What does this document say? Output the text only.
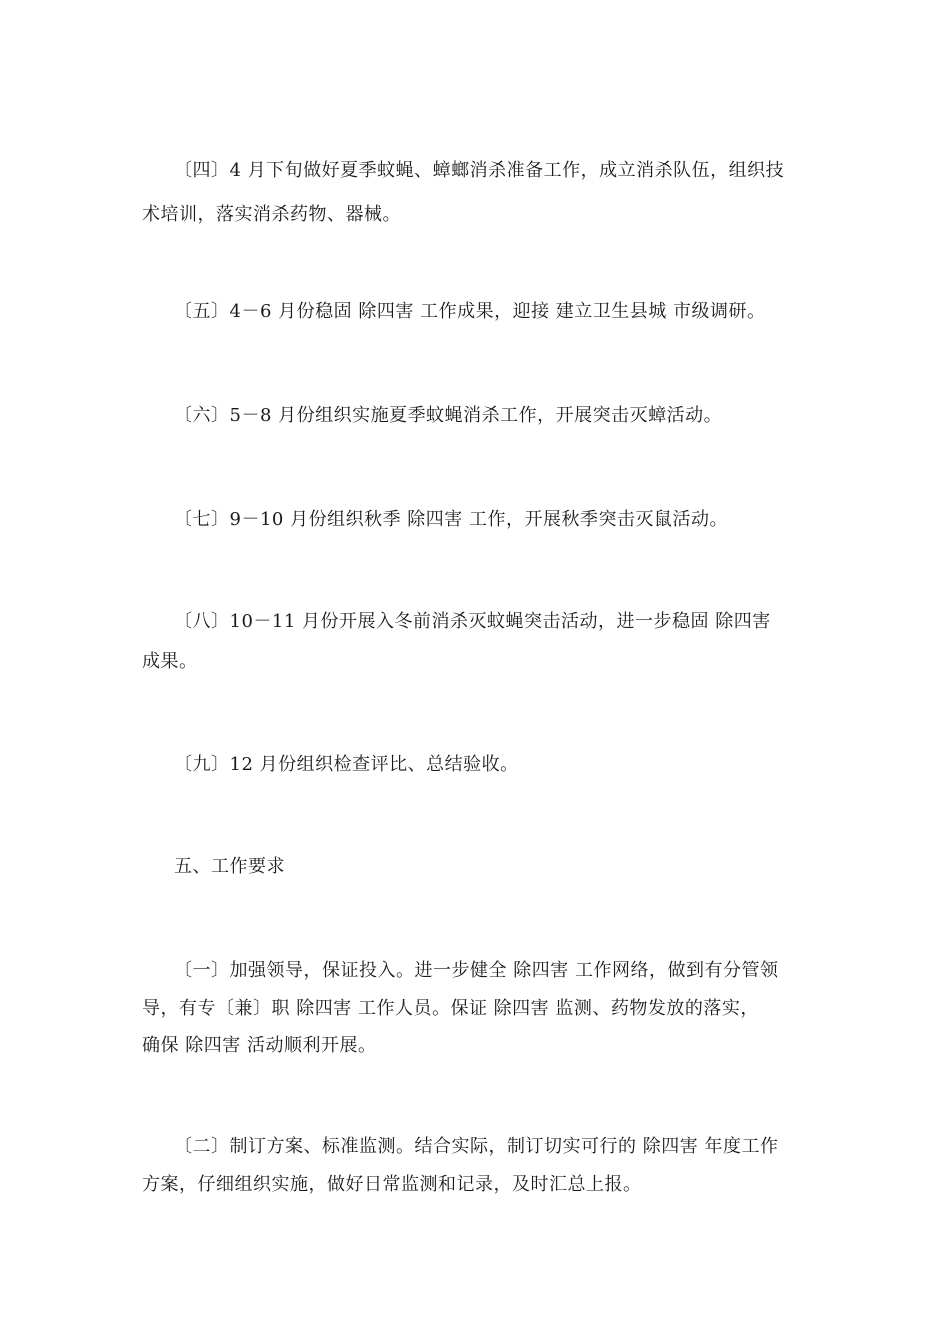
〔四〕4 月下旬做好夏季蚊蝇、蟑螂消杀准备工作，成立消杀队伍，组织技
术培训，落实消杀药物、器械。
〔五〕4－6 月份稳固 除四害 工作成果，迎接 建立卫生县城 市级调研。
〔六〕5－8 月份组织实施夏季蚊蝇消杀工作，开展突击灭蟑活动。
〔七〕9－10 月份组织秋季 除四害 工作，开展秋季突击灭鼠活动。
〔八〕10－11 月份开展入冬前消杀灭蚊蝇突击活动，进一步稳固 除四害
成果。
〔九〕12 月份组织检查评比、总结验收。
五、工作要求
〔一〕加强领导，保证投入。进一步健全 除四害 工作网络，做到有分管领
导，有专〔兼〕职 除四害 工作人员。保证 除四害 监测、药物发放的落实，
确保 除四害 活动顺利开展。
〔二〕制订方案、标准监测。结合实际，制订切实可行的 除四害 年度工作
方案，仔细组织实施，做好日常监测和记录，及时汇总上报。
